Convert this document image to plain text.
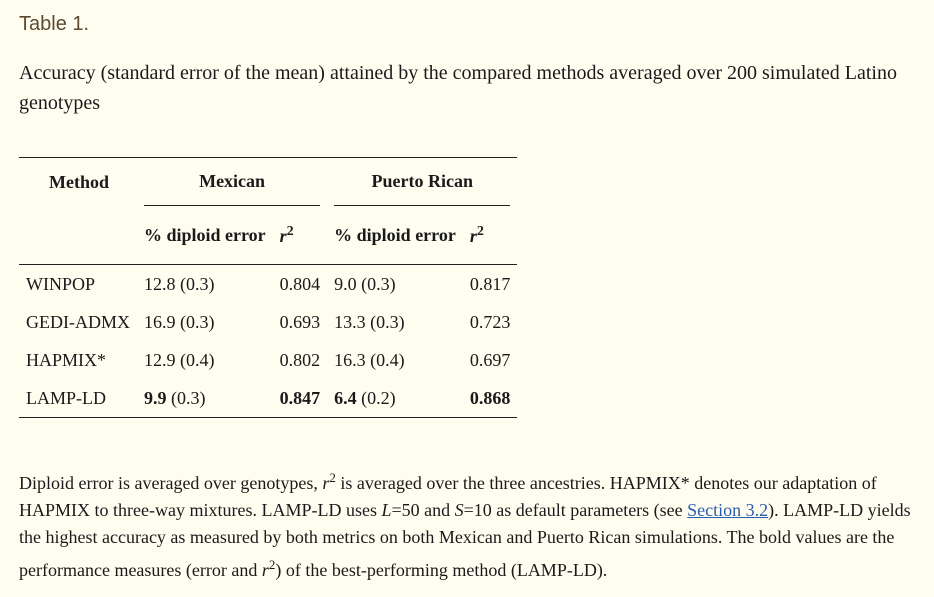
Table 1.
Accuracy (standard error of the mean) attained by the compared methods averaged over 200 simulated Latino genotypes
Method	Mexican		Puerto Rican	

	% diploid error	$r^2$	% diploid error	$r^2$
WINPOP	12.8 (0.3)	0.804	9.0 (0.3)	0.817
GEDI-ADMX	16.9 (0.3)	0.693	13.3 (0.3)	0.723
HAPMIX*	12.9 (0.4)	0.802	16.3 (0.4)	0.697
LAMP-LD	9.9 (0.3)	0.847	6.4 (0.2)	0.868
Diploid error is averaged over genotypes, $r^2$ is averaged over the three ancestries. HAPMIX* denotes our adaptation of HAPMIX to three-way mixtures. LAMP-LD uses L=50 and S=10 as default parameters (see Section 3.2). LAMP-LD yields the highest accuracy as measured by both metrics on both Mexican and Puerto Rican simulations. The bold values are the performance measures (error and $r^2$) of the best-performing method (LAMP-LD).
